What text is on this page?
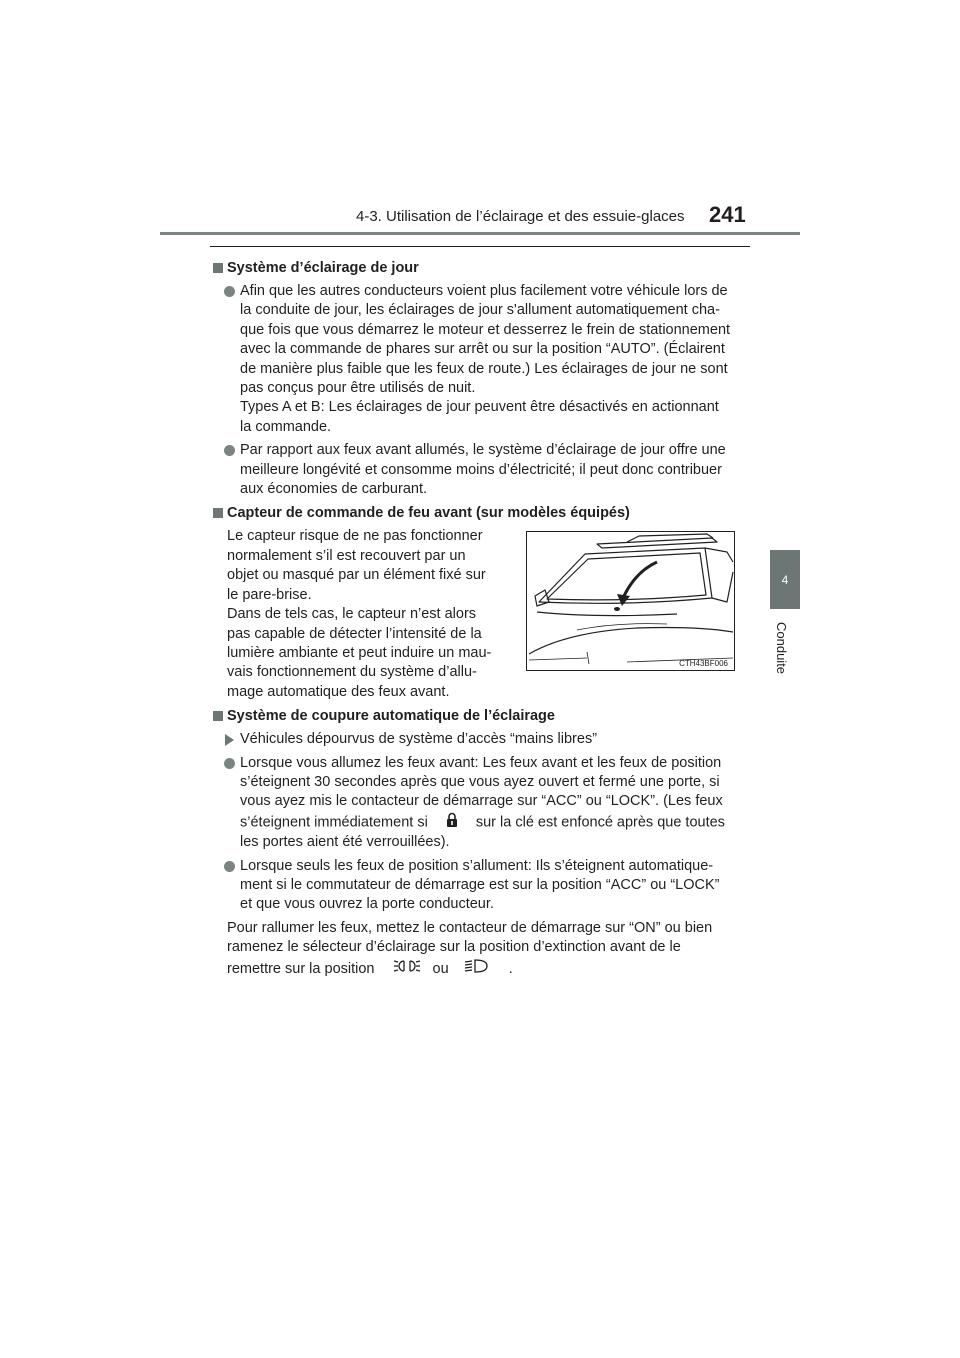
4-3. Utilisation de l’éclairage et des essuie-glaces 241
4
Conduite
Système d’éclairage de jour
Afin que les autres conducteurs voient plus facilement votre véhicule lors de
la conduite de jour, les éclairages de jour s'allument automatiquement cha-
que fois que vous démarrez le moteur et desserrez le frein de stationnement
avec la commande de phares sur arrêt ou sur la position “AUTO”. (Éclairent
de manière plus faible que les feux de route.) Les éclairages de jour ne sont
pas conçus pour être utilisés de nuit.
Types A et B: Les éclairages de jour peuvent être désactivés en actionnant
la commande.
Par rapport aux feux avant allumés, le système d’éclairage de jour offre une
meilleure longévité et consomme moins d’électricité; il peut donc contribuer
aux économies de carburant.
Capteur de commande de feu avant (sur modèles équipés)
Le capteur risque de ne pas fonctionner
normalement s’il est recouvert par un
objet ou masqué par un élément fixé sur
le pare-brise.
Dans de tels cas, le capteur n’est alors
pas capable de détecter l’intensité de la
lumière ambiante et peut induire un mau-
vais fonctionnement du système d’allu-
mage automatique des feux avant.
CTH43BF006
Système de coupure automatique de l’éclairage
Véhicules dépourvus de système d’accès “mains libres”
Lorsque vous allumez les feux avant: Les feux avant et les feux de position
s’éteignent 30 secondes après que vous ayez ouvert et fermé une porte, si
vous ayez mis le contacteur de démarrage sur “ACC” ou “LOCK”. (Les feux
s’éteignent immédiatement si	sur la clé est enfoncé après que toutes
les portes aient été verrouillées).
Lorsque seuls les feux de position s’allument: Ils s’éteignent automatique-
ment si le commutateur de démarrage est sur la position “ACC” ou “LOCK”
et que vous ouvrez la porte conducteur.
Pour rallumer les feux, mettez le contacteur de démarrage sur “ON” ou bien
ramenez le sélecteur d’éclairage sur la position d’extinction avant de le
remettre sur la position	ou	.
